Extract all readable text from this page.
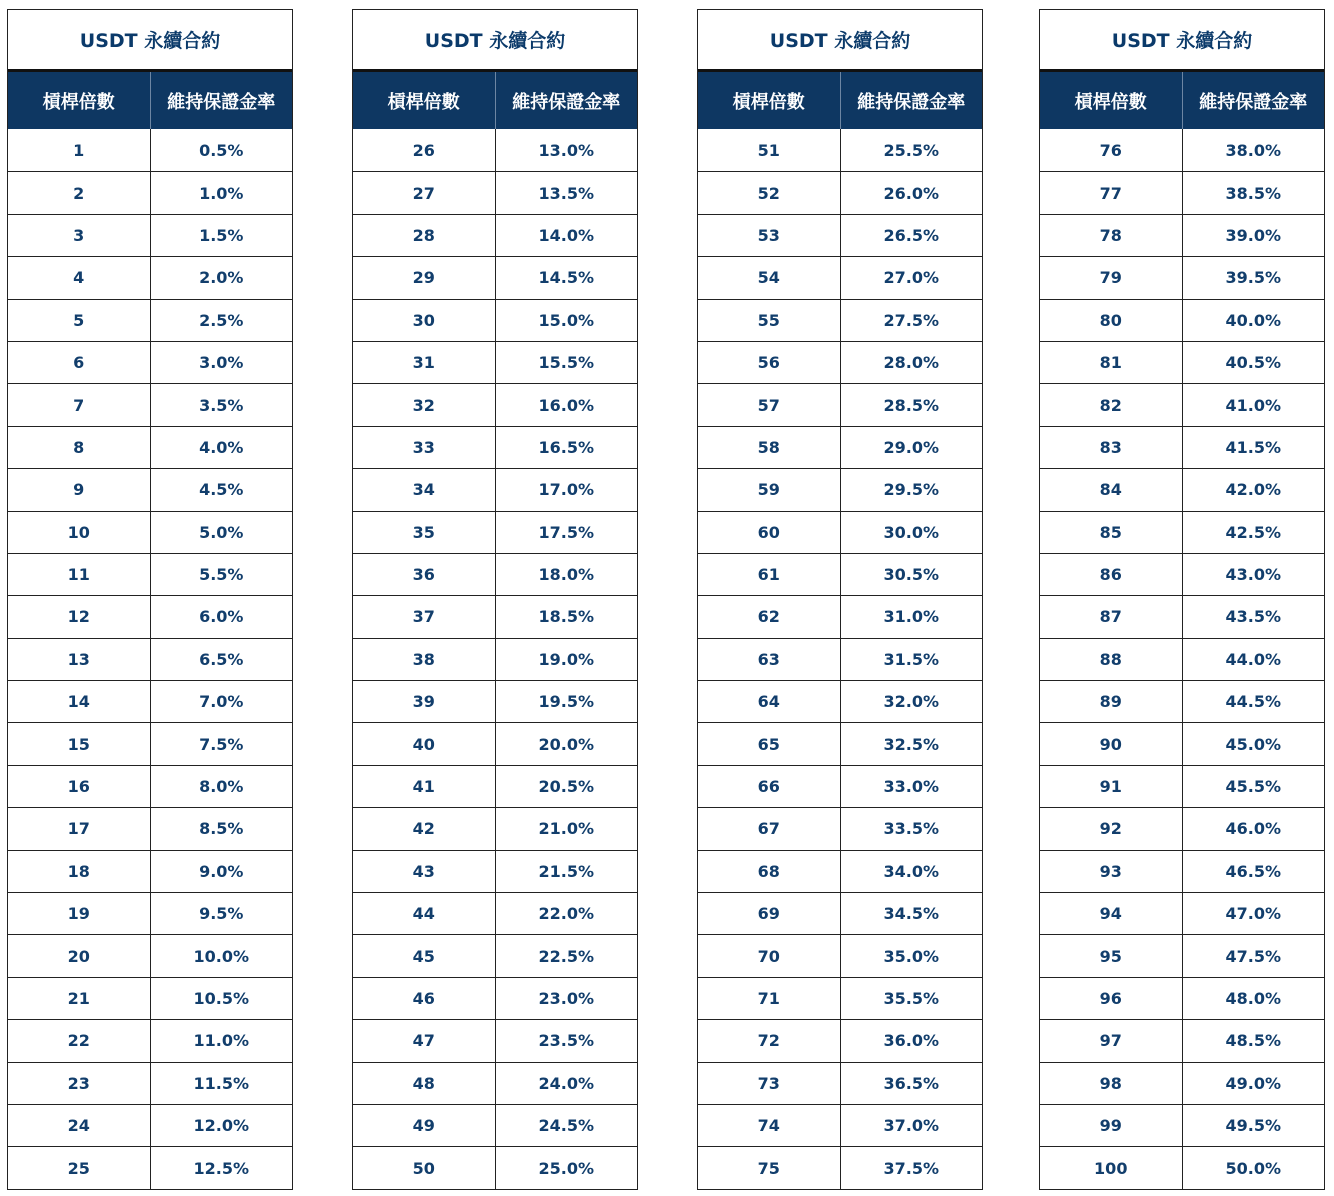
USDT 永續合約
槓桿倍數	維持保證金率
1	0.5%
2	1.0%
3	1.5%
4	2.0%
5	2.5%
6	3.0%
7	3.5%
8	4.0%
9	4.5%
10	5.0%
11	5.5%
12	6.0%
13	6.5%
14	7.0%
15	7.5%
16	8.0%
17	8.5%
18	9.0%
19	9.5%
20	10.0%
21	10.5%
22	11.0%
23	11.5%
24	12.0%
25	12.5%
USDT 永續合約
槓桿倍數	維持保證金率
26	13.0%
27	13.5%
28	14.0%
29	14.5%
30	15.0%
31	15.5%
32	16.0%
33	16.5%
34	17.0%
35	17.5%
36	18.0%
37	18.5%
38	19.0%
39	19.5%
40	20.0%
41	20.5%
42	21.0%
43	21.5%
44	22.0%
45	22.5%
46	23.0%
47	23.5%
48	24.0%
49	24.5%
50	25.0%
USDT 永續合約
槓桿倍數	維持保證金率
51	25.5%
52	26.0%
53	26.5%
54	27.0%
55	27.5%
56	28.0%
57	28.5%
58	29.0%
59	29.5%
60	30.0%
61	30.5%
62	31.0%
63	31.5%
64	32.0%
65	32.5%
66	33.0%
67	33.5%
68	34.0%
69	34.5%
70	35.0%
71	35.5%
72	36.0%
73	36.5%
74	37.0%
75	37.5%
USDT 永續合約
槓桿倍數	維持保證金率
76	38.0%
77	38.5%
78	39.0%
79	39.5%
80	40.0%
81	40.5%
82	41.0%
83	41.5%
84	42.0%
85	42.5%
86	43.0%
87	43.5%
88	44.0%
89	44.5%
90	45.0%
91	45.5%
92	46.0%
93	46.5%
94	47.0%
95	47.5%
96	48.0%
97	48.5%
98	49.0%
99	49.5%
100	50.0%
